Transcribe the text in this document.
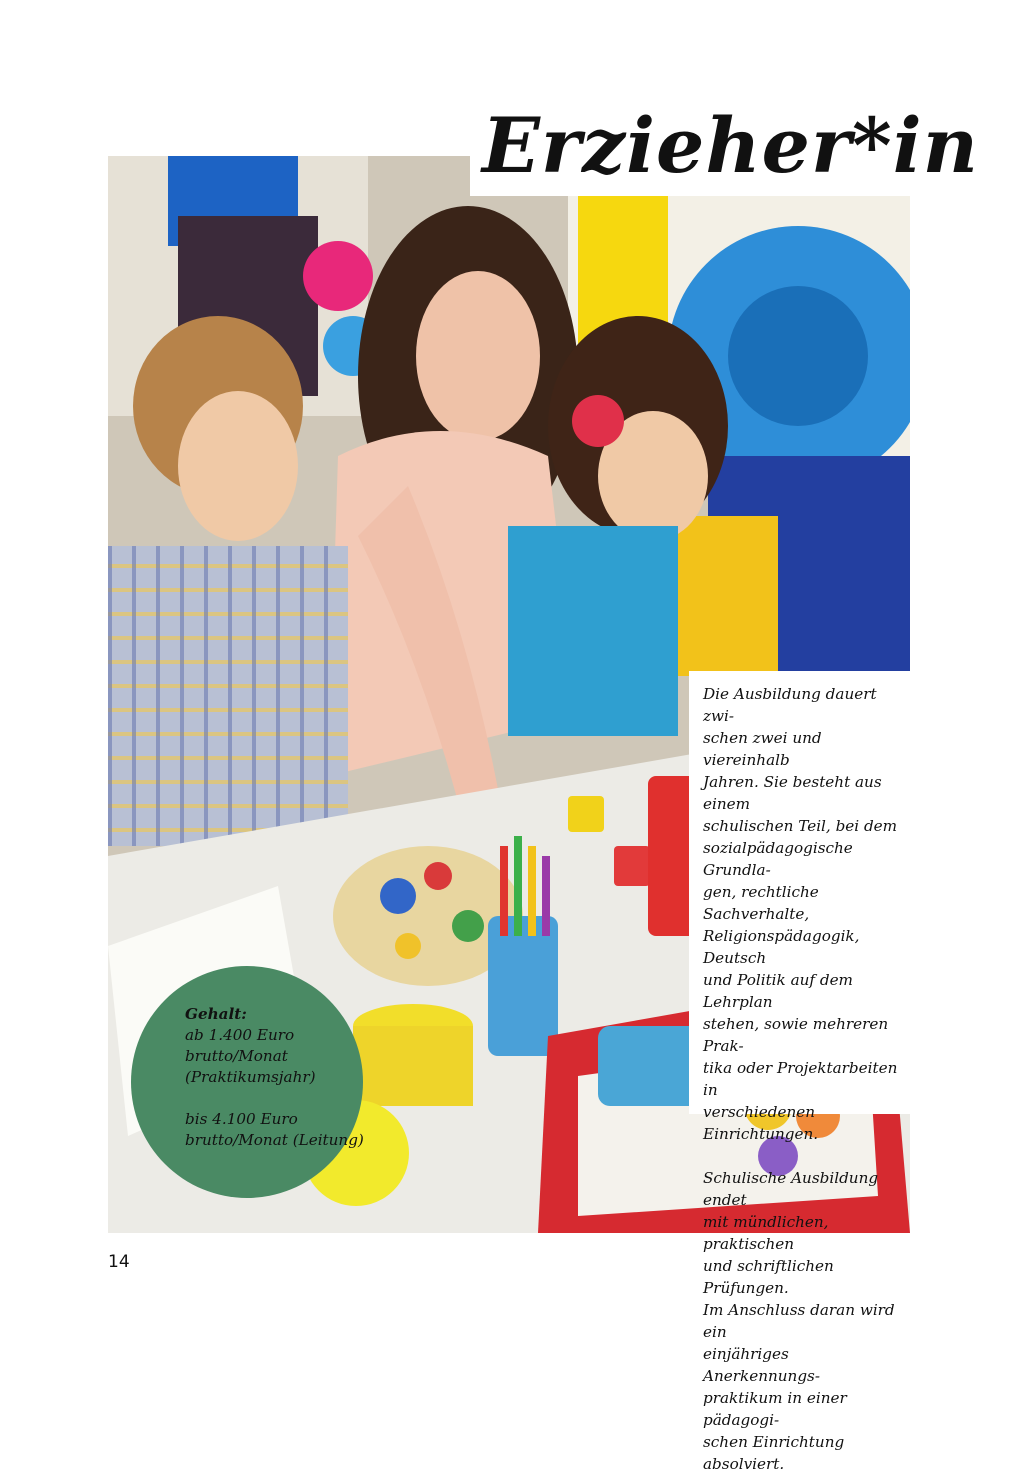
Erzieher*in

Die Ausbildung dauert zwi-
schen zwei und viereinhalb
Jahren. Sie besteht aus einem
schulischen Teil, bei dem
sozialpädagogische Grundla-
gen, rechtliche Sachverhalte,
Religionspädagogik, Deutsch
und Politik auf dem Lehrplan
stehen, sowie mehreren Prak-
tika oder Projektarbeiten in
verschiedenen Einrichtungen.

Schulische Ausbildung endet
mit mündlichen, praktischen
und schriftlichen Prüfungen.
Im Anschluss daran wird ein
einjähriges Anerkennungs-
praktikum in einer pädagogi-
schen Einrichtung absolviert.

Gehalt:
ab 1.400 Euro
brutto/Monat
(Praktikumsjahr)
bis 4.100 Euro
brutto/Monat (Leitung)
14
